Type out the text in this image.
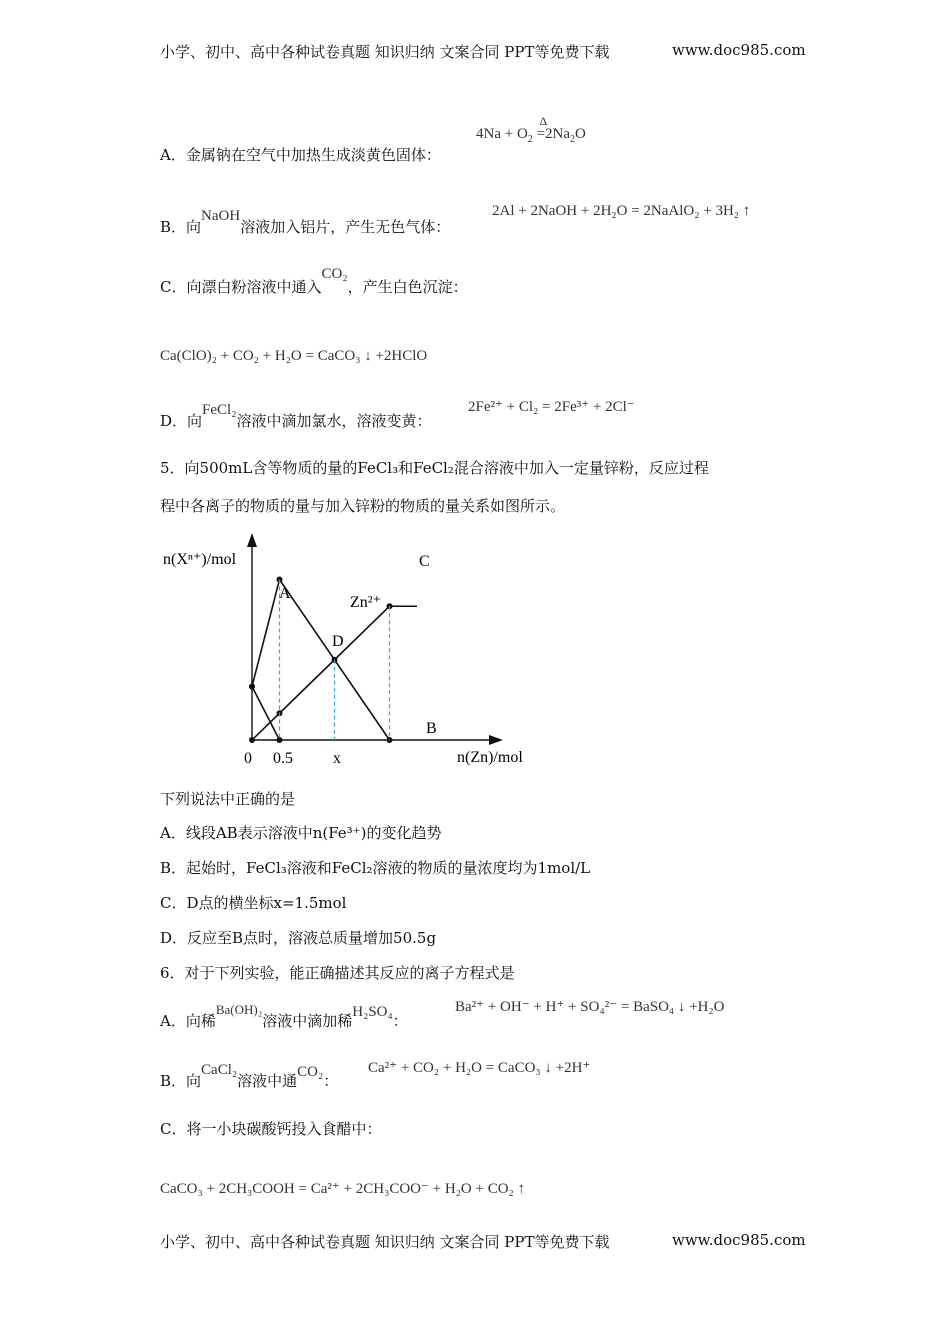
小学、初中、高中各种试卷真题 知识归纳 文案合同 PPT等免费下载	www.doc985.com
A．金属钠在空气中加热生成淡黄色固体：
$4Na + O_2$
Δ
$=2Na_2O$
B．向NaOH溶液加入铝片，产生无色气体：
2Al + 2NaOH + 2H₂O = 2NaAlO₂ + 3H₂ ↑
C．向漂白粉溶液中通入CO₂，产生白色沉淀：
Ca(ClO)₂ + CO₂ + H₂O = CaCO₃ ↓ +2HClO
D．向FeCl₂溶液中滴加氯水，溶液变黄：
2Fe²⁺ + Cl₂ = 2Fe³⁺ + 2Cl⁻
5．向500mL含等物质的量的FeCl₃和FeCl₂混合溶液中加入一定量锌粉，反应过程
程中各离子的物质的量与加入锌粉的物质的量关系如图所示。
n(Xⁿ⁺)/mol
n(Zn)/mol
Zn²⁺
0 0.5	x
A
B
C
D
下列说法中正确的是
A．线段AB表示溶液中n(Fe³⁺)的变化趋势
B．起始时，FeCl₃溶液和FeCl₂溶液的物质的量浓度均为1mol/L
C．D点的横坐标x=1.5mol
D．反应至B点时，溶液总质量增加50.5g
6．对于下列实验，能正确描述其反应的离子方程式是
A．向稀Ba(OH)₂溶液中滴加稀H₂SO₄：
Ba²⁺ + OH⁻ + H⁺ + SO₄²⁻ = BaSO₄ ↓ +H₂O
B．向CaCl₂溶液中通CO₂：
Ca²⁺ + CO₂ + H₂O = CaCO₃ ↓ +2H⁺
C．将一小块碳酸钙投入食醋中：
CaCO₃ + 2CH₃COOH = Ca²⁺ + 2CH₃COO⁻ + H₂O + CO₂ ↑
小学、初中、高中各种试卷真题 知识归纳 文案合同 PPT等免费下载	www.doc985.com
